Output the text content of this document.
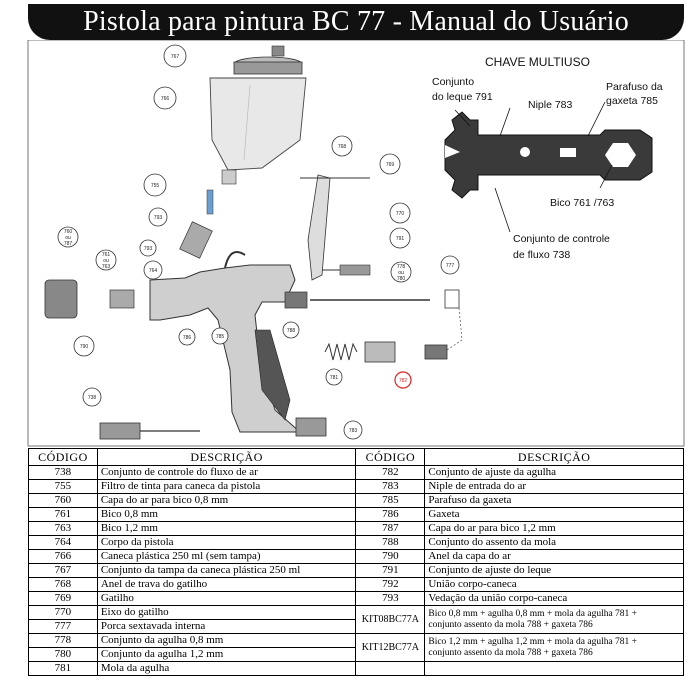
Pistola para pintura BC 77 - Manual do Usuário
CHAVE MULTIUSO
Conjunto
do leque 791
Niple 783
Parafuso da
gaxeta 785
Bico 761 /763
Conjunto de controle
de fluxo 738
767
766
755
793
793
764
760
ou
787
761
ou
763
768
769
770
791
778
ou
780
777
790
786	785
788
781	782
738
783
CÓDIGO	DESCRIÇÃO	CÓDIGO	DESCRIÇÃO
738	Conjunto de controle do fluxo de ar	782	Conjunto de ajuste da agulha
755	Filtro de tinta para caneca da pistola	783	Niple de entrada do ar
760	Capa do ar para bico 0,8 mm	785	Parafuso da gaxeta
761	Bico 0,8 mm	786	Gaxeta
763	Bico 1,2 mm	787	Capa do ar para bico 1,2 mm
764	Corpo da pistola	788	Conjunto do assento da mola
766	Caneca plástica 250 ml (sem tampa)	790	Anel da capa do ar
767	Conjunto da tampa da caneca plástica 250 ml	791	Conjunto de ajuste do leque
768	Anel de trava do gatilho	792	União corpo-caneca
769	Gatilho	793	Vedação da união corpo-caneca
770	Eixo do gatilho	KIT08BC77A	Bico 0,8 mm + agulha 0,8 mm + mola da agulha 781 +
conjunto assento da mola 788 + gaxeta 786

777	Porca sextavada interna		
778	Conjunto da agulha 0,8 mm	KIT12BC77A	Bico 1,2 mm + agulha 1,2 mm + mola da agulha 781 +
conjunto assento da mola 788 + gaxeta 786

780	Conjunto da agulha 1,2 mm		
781	Mola da agulha		
